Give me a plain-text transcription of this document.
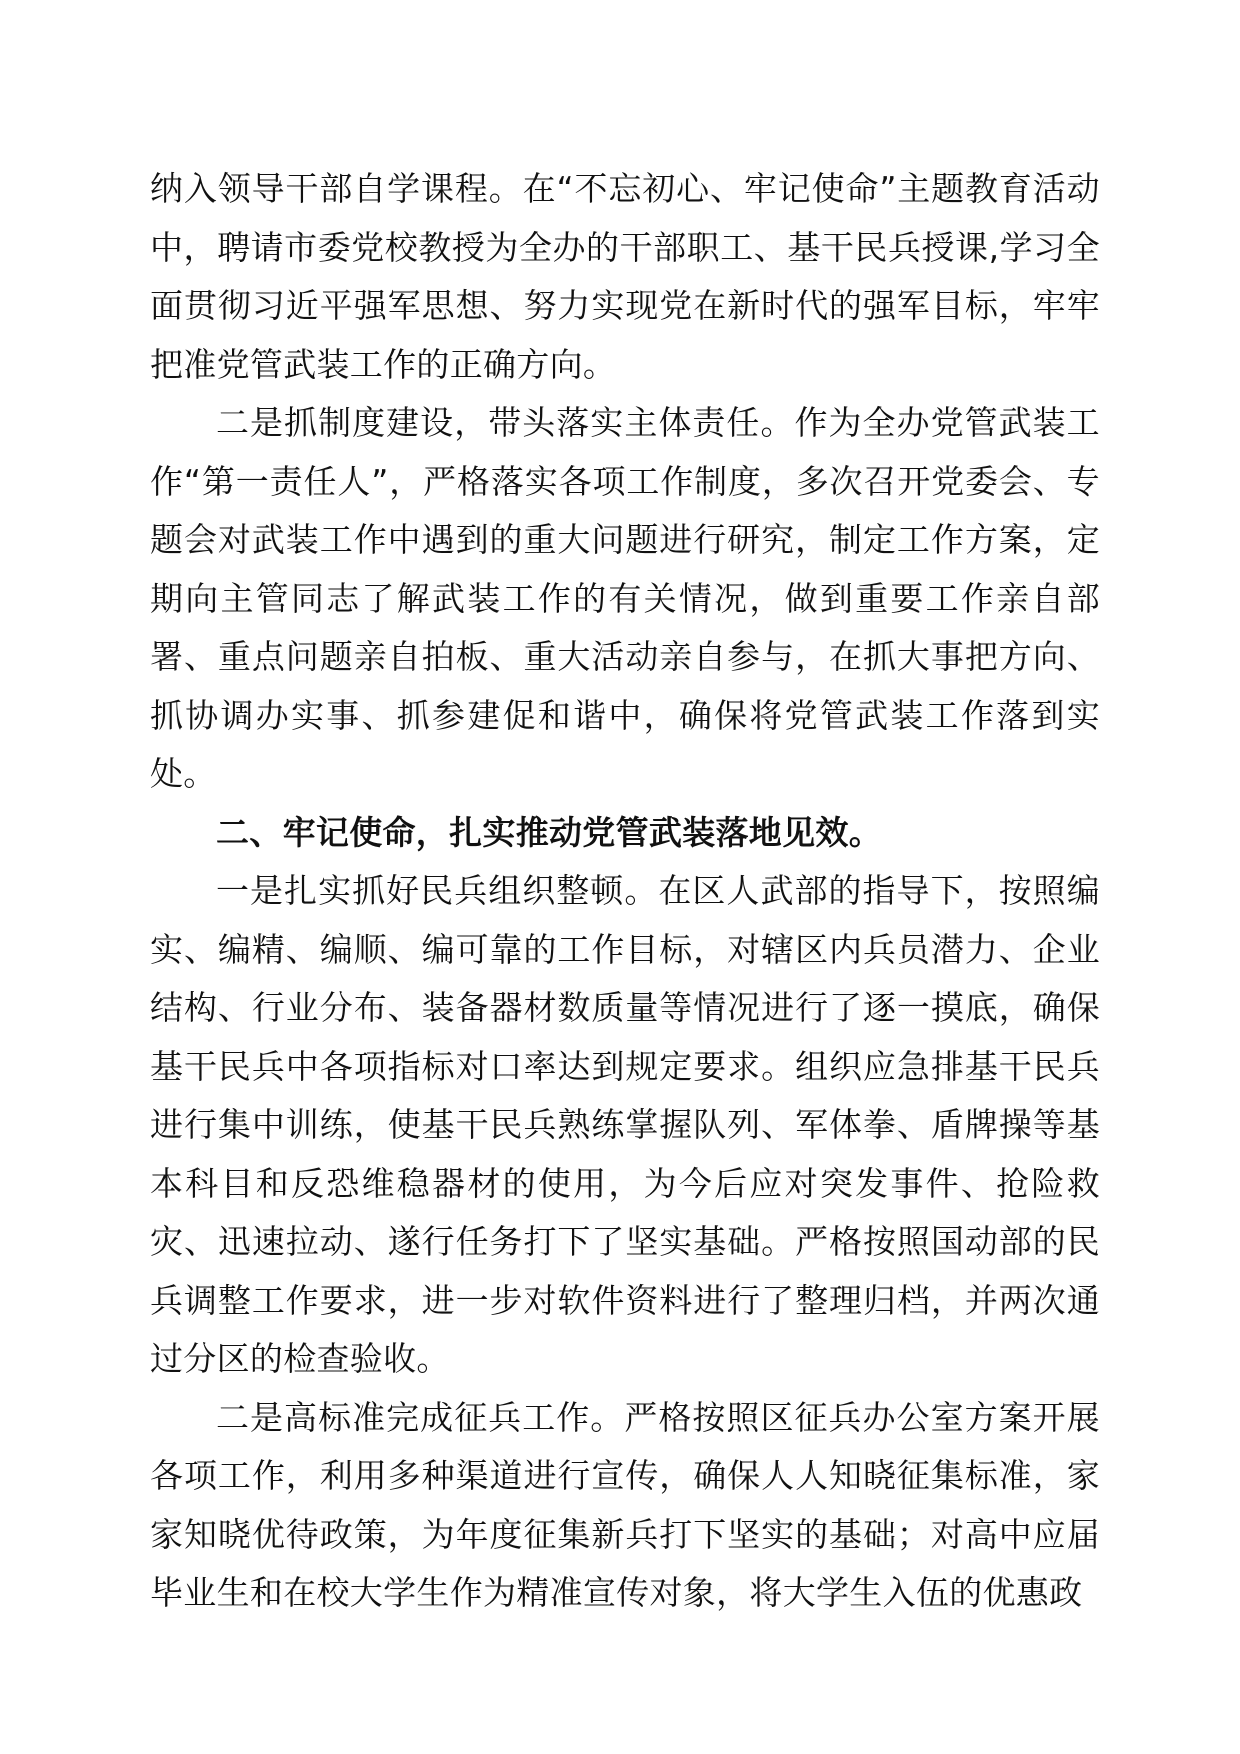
纳入领导干部自学课程。在“不忘初心、牢记使命”主题教育活动中，聘请市委党校教授为全办的干部职工、基干民兵授课,学习全面贯彻习近平强军思想、努力实现党在新时代的强军目标，牢牢把准党管武装工作的正确方向。

二是抓制度建设，带头落实主体责任。作为全办党管武装工作“第一责任人”，严格落实各项工作制度，多次召开党委会、专题会对武装工作中遇到的重大问题进行研究，制定工作方案，定期向主管同志了解武装工作的有关情况，做到重要工作亲自部署、重点问题亲自拍板、重大活动亲自参与，在抓大事把方向、抓协调办实事、抓参建促和谐中，确保将党管武装工作落到实处。

二、牢记使命，扎实推动党管武装落地见效。

一是扎实抓好民兵组织整顿。在区人武部的指导下，按照编实、编精、编顺、编可靠的工作目标，对辖区内兵员潜力、企业结构、行业分布、装备器材数质量等情况进行了逐一摸底，确保基干民兵中各项指标对口率达到规定要求。组织应急排基干民兵进行集中训练，使基干民兵熟练掌握队列、军体拳、盾牌操等基本科目和反恐维稳器材的使用，为今后应对突发事件、抢险救灾、迅速拉动、遂行任务打下了坚实基础。严格按照国动部的民兵调整工作要求，进一步对软件资料进行了整理归档，并两次通过分区的检查验收。

二是高标准完成征兵工作。严格按照区征兵办公室方案开展各项工作，利用多种渠道进行宣传，确保人人知晓征集标准，家家知晓优待政策，为年度征集新兵打下坚实的基础；对高中应届毕业生和在校大学生作为精准宣传对象，将大学生入伍的优惠政
